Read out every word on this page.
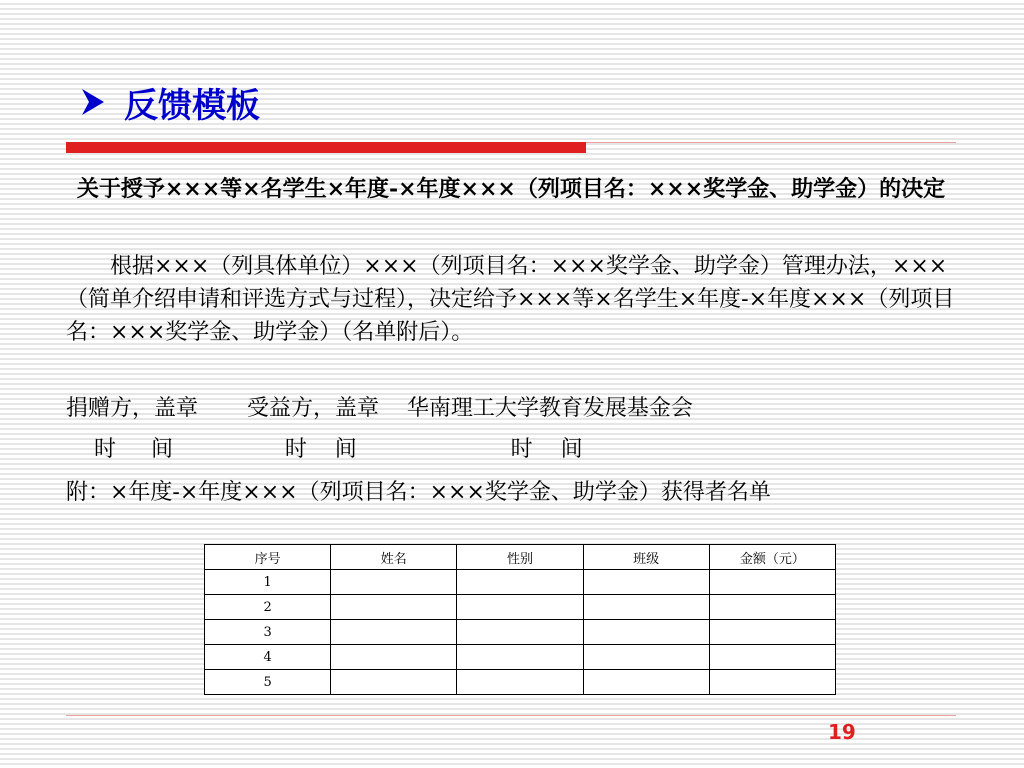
反馈模板
关于授予×××等×名学生×年度-×年度×××（列项目名：×××奖学金、助学金）的决定
根据×××（列具体单位）×××（列项目名：×××奖学金、助学金）管理办法，×××（简单介绍申请和评选方式与过程），决定给予×××等×名学生×年度-×年度×××（列项目名：×××奖学金、助学金）（名单附后）。
捐赠方，盖章       受益方，盖章    华南理工大学教育发展基金会
时     间                时    间                      时    间
附：×年度-×年度×××（列项目名：×××奖学金、助学金）获得者名单
序号	姓名	性别	班级	金额（元）
1				
2				
3				
4				
5				
19
